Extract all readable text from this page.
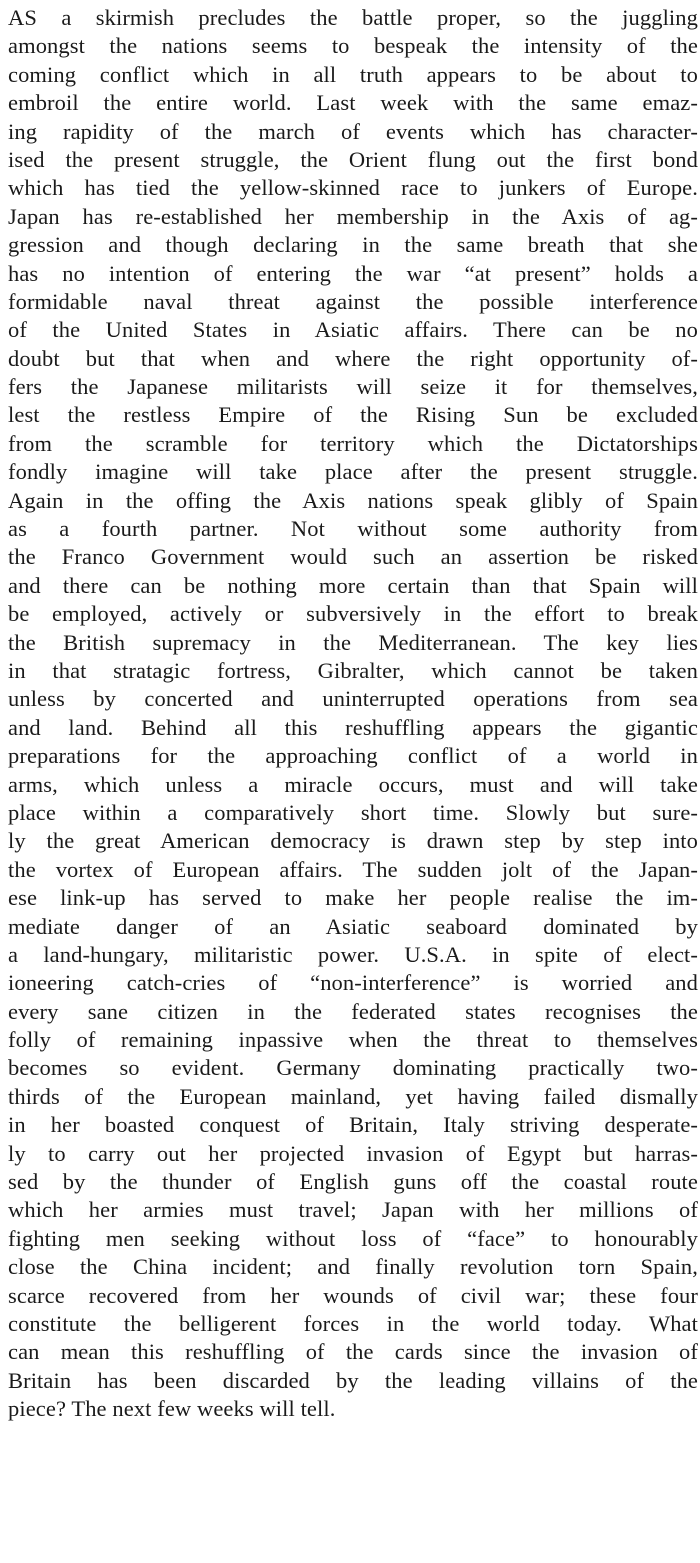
AS a skirmish precludes the battle proper, so the juggling
amongst the nations seems to bespeak the intensity of the
coming conflict which in all truth appears to be about to
embroil the entire world. Last week with the same emaz-
ing rapidity of the march of events which has character-
ised the present struggle, the Orient flung out the first bond
which has tied the yellow-skinned race to junkers of Europe.
Japan has re-established her membership in the Axis of ag-
gression and though declaring in the same breath that she
has no intention of entering the war “at present” holds a
formidable naval threat against the possible interference
of the United States in Asiatic affairs. There can be no
doubt but that when and where the right opportunity of-
fers the Japanese militarists will seize it for themselves,
lest the restless Empire of the Rising Sun be excluded
from the scramble for territory which the Dictatorships
fondly imagine will take place after the present struggle.
Again in the offing the Axis nations speak glibly of Spain
as a fourth partner. Not without some authority from
the Franco Government would such an assertion be risked
and there can be nothing more certain than that Spain will
be employed, actively or subversively in the effort to break
the British supremacy in the Mediterranean. The key lies
in that stratagic fortress, Gibralter, which cannot be taken
unless by concerted and uninterrupted operations from sea
and land. Behind all this reshuffling appears the gigantic
preparations for the approaching conflict of a world in
arms, which unless a miracle occurs, must and will take
place within a comparatively short time. Slowly but sure-
ly the great American democracy is drawn step by step into
the vortex of European affairs. The sudden jolt of the Japan-
ese link-up has served to make her people realise the im-
mediate danger of an Asiatic seaboard dominated by
a land-hungary, militaristic power. U.S.A. in spite of elect-
ioneering catch-cries of “non-interference” is worried and
every sane citizen in the federated states recognises the
folly of remaining inpassive when the threat to themselves
becomes so evident. Germany dominating practically two-
thirds of the European mainland, yet having failed dismally
in her boasted conquest of Britain, Italy striving desperate-
ly to carry out her projected invasion of Egypt but harras-
sed by the thunder of English guns off the coastal route
which her armies must travel; Japan with her millions of
fighting men seeking without loss of “face” to honourably
close the China incident; and finally revolution torn Spain,
scarce recovered from her wounds of civil war; these four
constitute the belligerent forces in the world today. What
can mean this reshuffling of the cards since the invasion of
Britain has been discarded by the leading villains of the
piece? The next few weeks will tell.
